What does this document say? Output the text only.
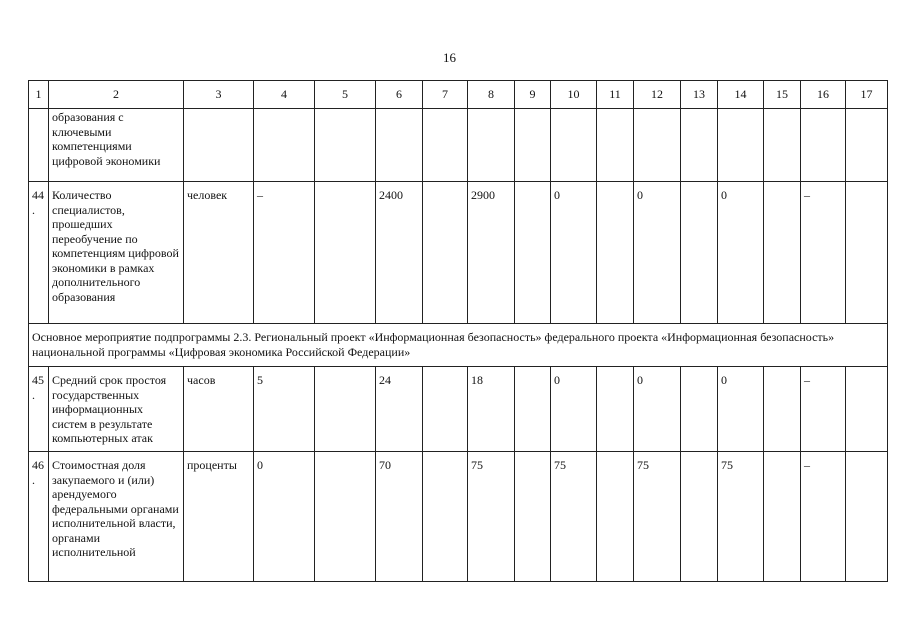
16
1	2	3	4	5	6	7	8	9	10	11	12	13	14	15	16	17
	образования с ключевыми компетенциями цифровой экономики															
44.	Количество специалистов, прошедших переобучение по компетенциям цифровой экономики в рамках дополнительного образования	человек	–		2400		2900		0		0		0		–	
Основное мероприятие подпрограммы 2.3. Региональный проект «Информационная безопасность» федерального проекта «Информационная безопасность» национальной программы «Цифровая экономика Российской Федерации»																
45.	Средний срок простоя государственных информационных систем в результате компьютерных атак	часов	5		24		18		0		0		0		–	
46.	Стоимостная доля закупаемого и (или) арендуемого федеральными органами исполнительной власти, органами исполнительной	проценты	0		70		75		75		75		75		–	
